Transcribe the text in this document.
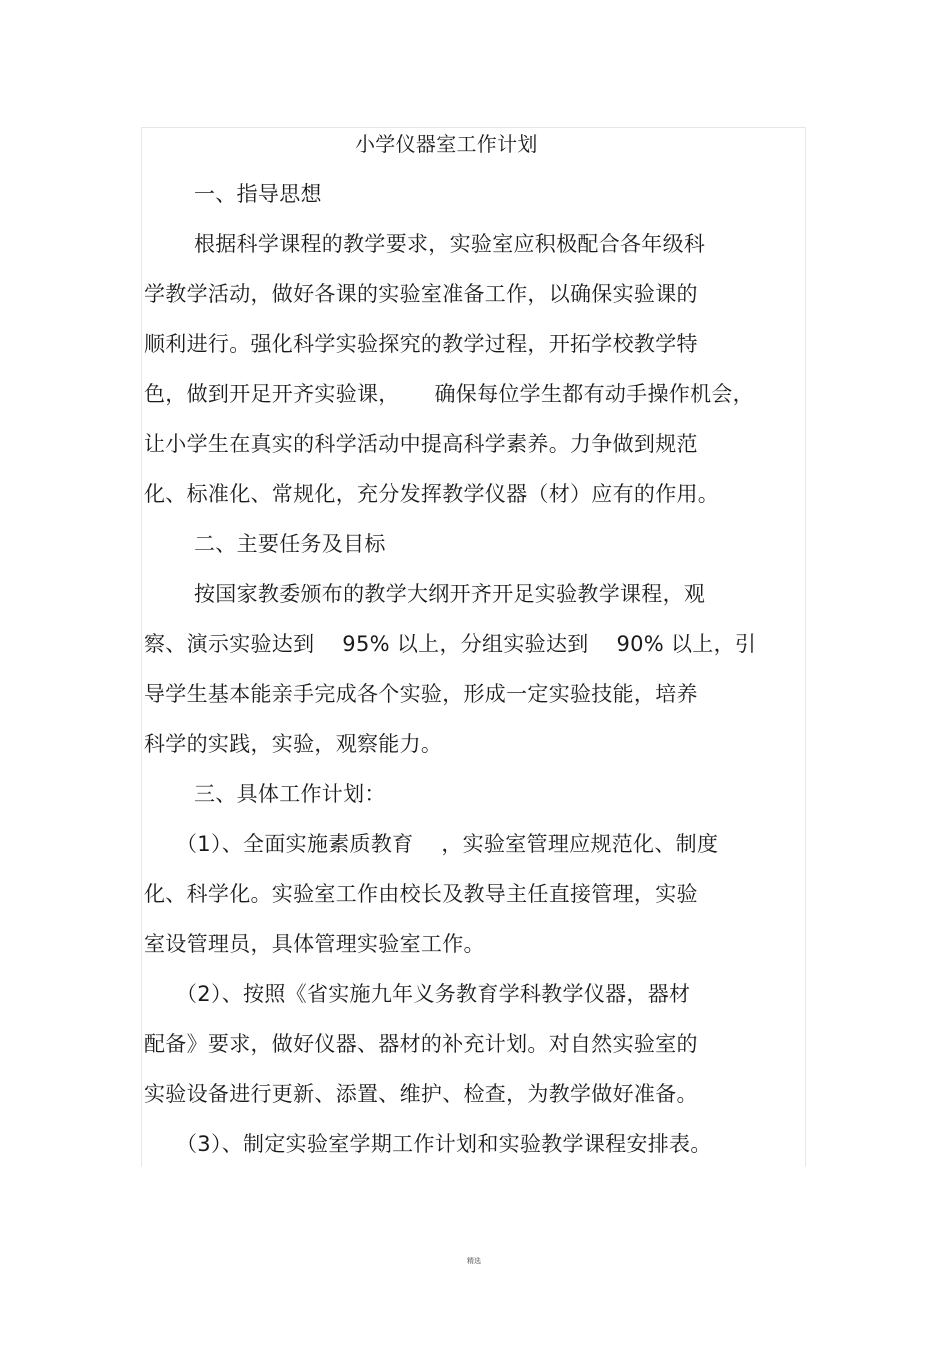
小学仪器室工作计划
一、指导思想
根据科学课程的教学要求，实验室应积极配合各年级科
学教学活动，做好各课的实验室准备工作，以确保实验课的
顺利进行。强化科学实验探究的教学过程，开拓学校教学特
色，做到开足开齐实验课，     确保每位学生都有动手操作机会，
让小学生在真实的科学活动中提高科学素养。力争做到规范
化、标准化、常规化，充分发挥教学仪器（材）应有的作用。
二、主要任务及目标
按国家教委颁布的教学大纲开齐开足实验教学课程，观
察、演示实验达到    95% 以上，分组实验达到    90% 以上，引
导学生基本能亲手完成各个实验，形成一定实验技能，培养
科学的实践，实验，观察能力。
三、具体工作计划：
（1）、全面实施素质教育    ，实验室管理应规范化、制度
化、科学化。实验室工作由校长及教导主任直接管理，实验
室设管理员，具体管理实验室工作。
（2）、按照《省实施九年义务教育学科教学仪器，器材
配备》要求，做好仪器、器材的补充计划。对自然实验室的
实验设备进行更新、添置、维护、检查，为教学做好准备。
（3）、制定实验室学期工作计划和实验教学课程安排表。
精选
